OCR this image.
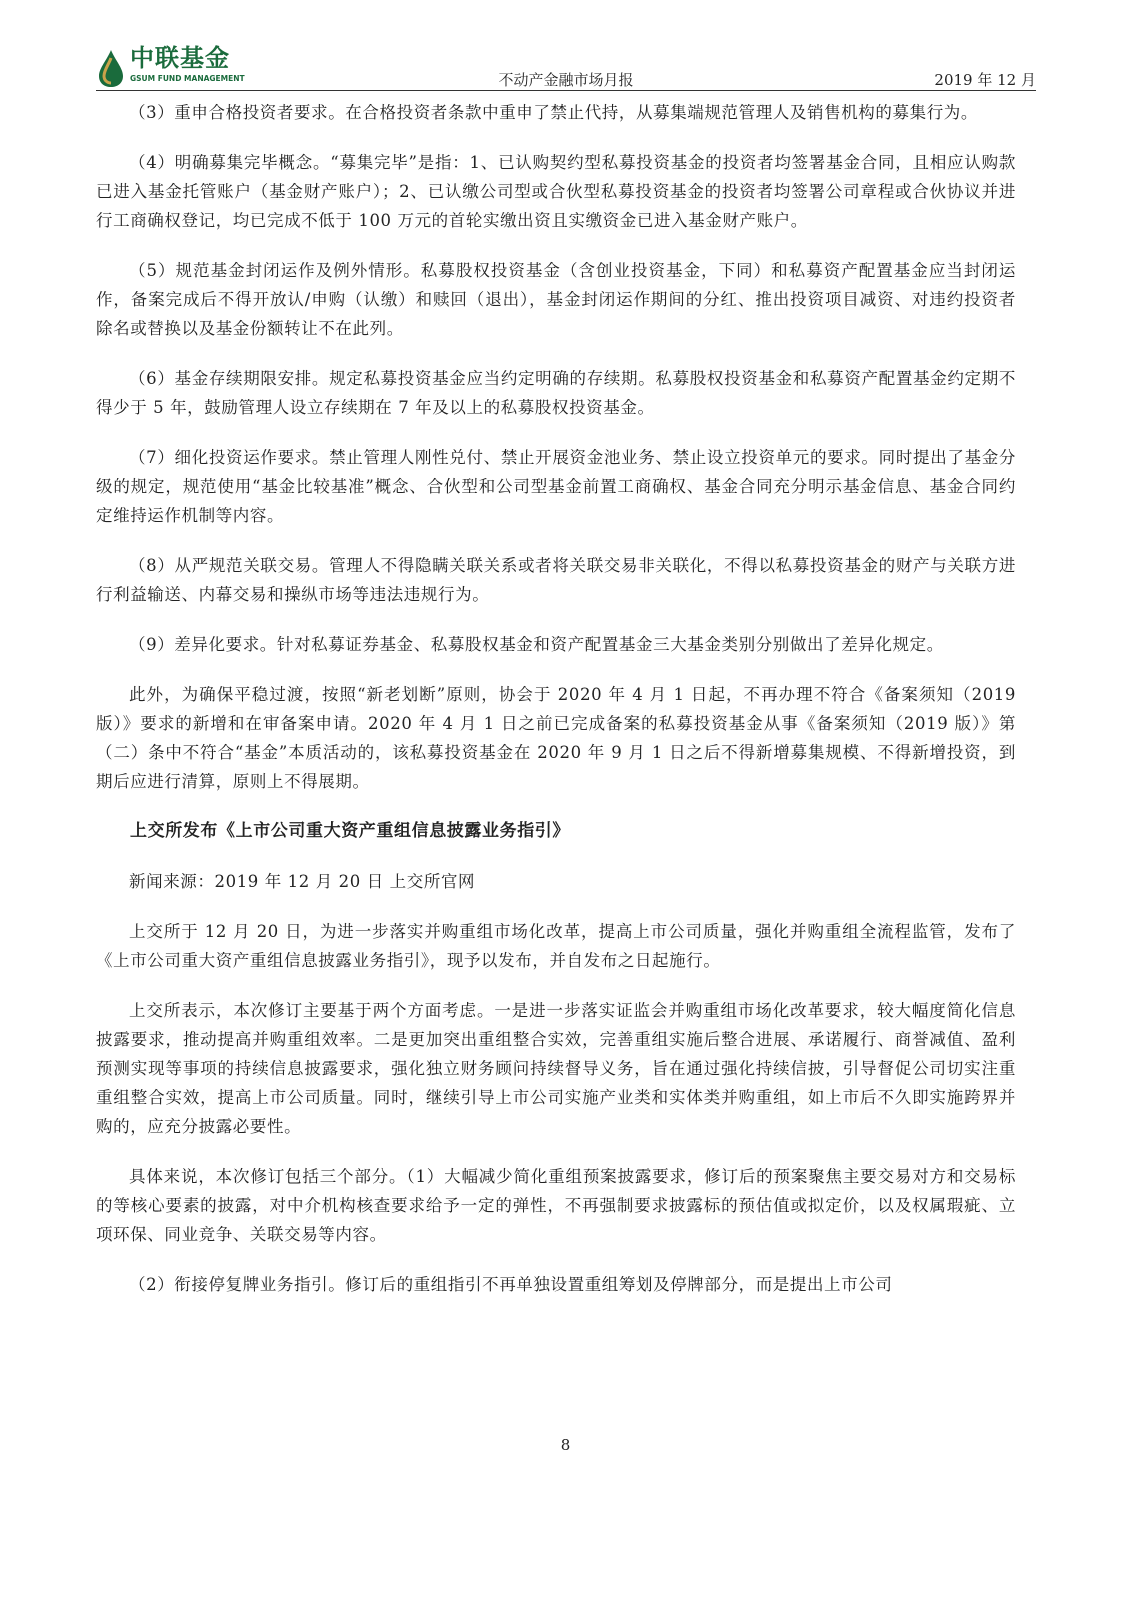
中联基金
GSUM FUND MANAGEMENT	不动产金融市场月报	2019 年 12 月

（3）重申合格投资者要求。在合格投资者条款中重申了禁止代持，从募集端规范管理人及销售机构的募集行为。

（4）明确募集完毕概念。“募集完毕”是指：1、已认购契约型私募投资基金的投资者均签署基金合同，且相应认购款已进入基金托管账户（基金财产账户）；2、已认缴公司型或合伙型私募投资基金的投资者均签署公司章程或合伙协议并进行工商确权登记，均已完成不低于 100 万元的首轮实缴出资且实缴资金已进入基金财产账户。

（5）规范基金封闭运作及例外情形。私募股权投资基金（含创业投资基金，下同）和私募资产配置基金应当封闭运作，备案完成后不得开放认/申购（认缴）和赎回（退出），基金封闭运作期间的分红、推出投资项目减资、对违约投资者除名或替换以及基金份额转让不在此列。

（6）基金存续期限安排。规定私募投资基金应当约定明确的存续期。私募股权投资基金和私募资产配置基金约定期不得少于 5 年，鼓励管理人设立存续期在 7 年及以上的私募股权投资基金。

（7）细化投资运作要求。禁止管理人刚性兑付、禁止开展资金池业务、禁止设立投资单元的要求。同时提出了基金分级的规定，规范使用“基金比较基准”概念、合伙型和公司型基金前置工商确权、基金合同充分明示基金信息、基金合同约定维持运作机制等内容。

（8）从严规范关联交易。管理人不得隐瞒关联关系或者将关联交易非关联化，不得以私募投资基金的财产与关联方进行利益输送、内幕交易和操纵市场等违法违规行为。

（9）差异化要求。针对私募证券基金、私募股权基金和资产配置基金三大基金类别分别做出了差异化规定。

此外，为确保平稳过渡，按照“新老划断”原则，协会于 2020 年 4 月 1 日起，不再办理不符合《备案须知（2019 版）》要求的新增和在审备案申请。2020 年 4 月 1 日之前已完成备案的私募投资基金从事《备案须知（2019 版）》第（二）条中不符合“基金”本质活动的，该私募投资基金在 2020 年 9 月 1 日之后不得新增募集规模、不得新增投资，到期后应进行清算，原则上不得展期。

上交所发布《上市公司重大资产重组信息披露业务指引》

新闻来源：2019 年 12 月 20 日 上交所官网

上交所于 12 月 20 日，为进一步落实并购重组市场化改革，提高上市公司质量，强化并购重组全流程监管，发布了《上市公司重大资产重组信息披露业务指引》，现予以发布，并自发布之日起施行。

上交所表示，本次修订主要基于两个方面考虑。一是进一步落实证监会并购重组市场化改革要求，较大幅度简化信息披露要求，推动提高并购重组效率。二是更加突出重组整合实效，完善重组实施后整合进展、承诺履行、商誉减值、盈利预测实现等事项的持续信息披露要求，强化独立财务顾问持续督导义务，旨在通过强化持续信披，引导督促公司切实注重重组整合实效，提高上市公司质量。同时，继续引导上市公司实施产业类和实体类并购重组，如上市后不久即实施跨界并购的，应充分披露必要性。

具体来说，本次修订包括三个部分。（1）大幅减少简化重组预案披露要求，修订后的预案聚焦主要交易对方和交易标的等核心要素的披露，对中介机构核查要求给予一定的弹性，不再强制要求披露标的预估值或拟定价，以及权属瑕疵、立项环保、同业竞争、关联交易等内容。

（2）衔接停复牌业务指引。修订后的重组指引不再单独设置重组筹划及停牌部分，而是提出上市公司

8
